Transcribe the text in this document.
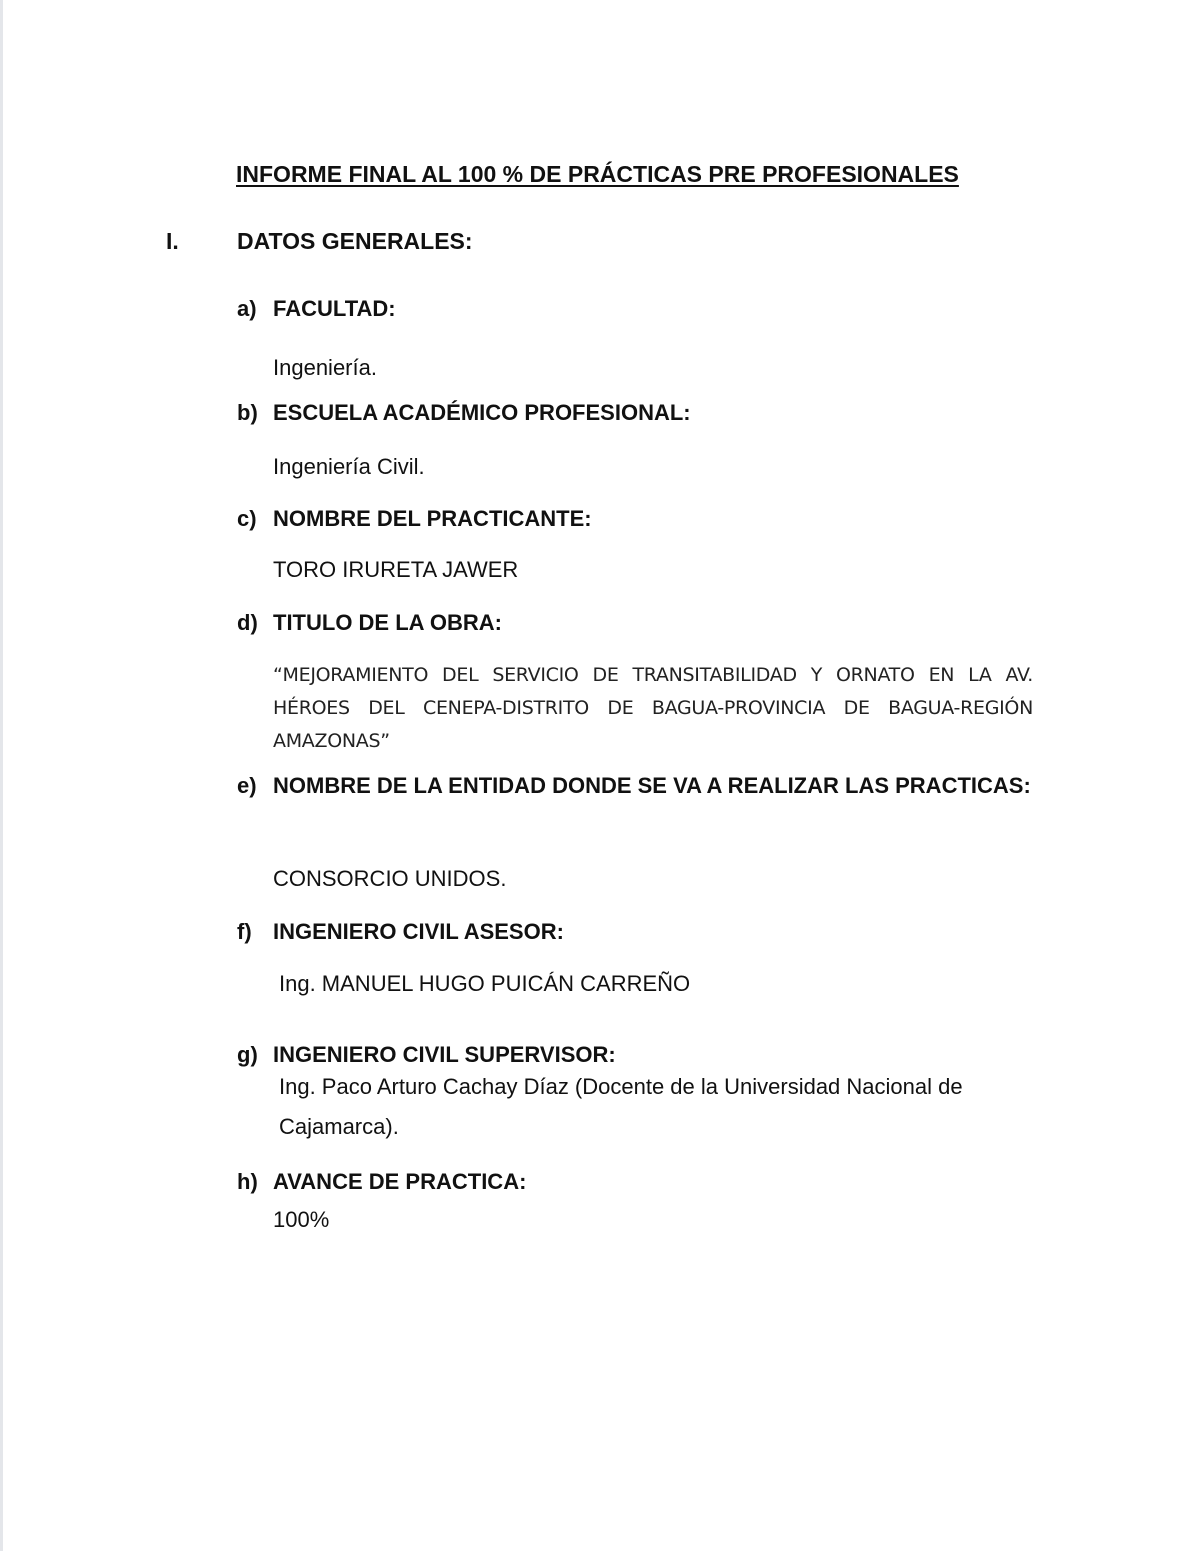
INFORME FINAL AL 100 % DE PRÁCTICAS PRE PROFESIONALES
I.	DATOS GENERALES:
a) FACULTAD:
Ingeniería.
b) ESCUELA ACADÉMICO PROFESIONAL:
Ingeniería Civil.
c) NOMBRE DEL PRACTICANTE:
TORO IRURETA JAWER
d) TITULO DE LA OBRA:
“MEJORAMIENTO DEL SERVICIO DE TRANSITABILIDAD Y ORNATO EN LA AV. HÉROES DEL CENEPA-DISTRITO DE BAGUA-PROVINCIA DE BAGUA-REGIÓN AMAZONAS”
e) NOMBRE DE LA ENTIDAD DONDE SE VA A REALIZAR LAS PRACTICAS:
CONSORCIO UNIDOS.
f) INGENIERO CIVIL ASESOR:
Ing. MANUEL HUGO PUICÁN CARREÑO
g) INGENIERO CIVIL SUPERVISOR:
Ing. Paco Arturo Cachay Díaz (Docente de la Universidad Nacional de Cajamarca).
h) AVANCE DE PRACTICA:
100%
